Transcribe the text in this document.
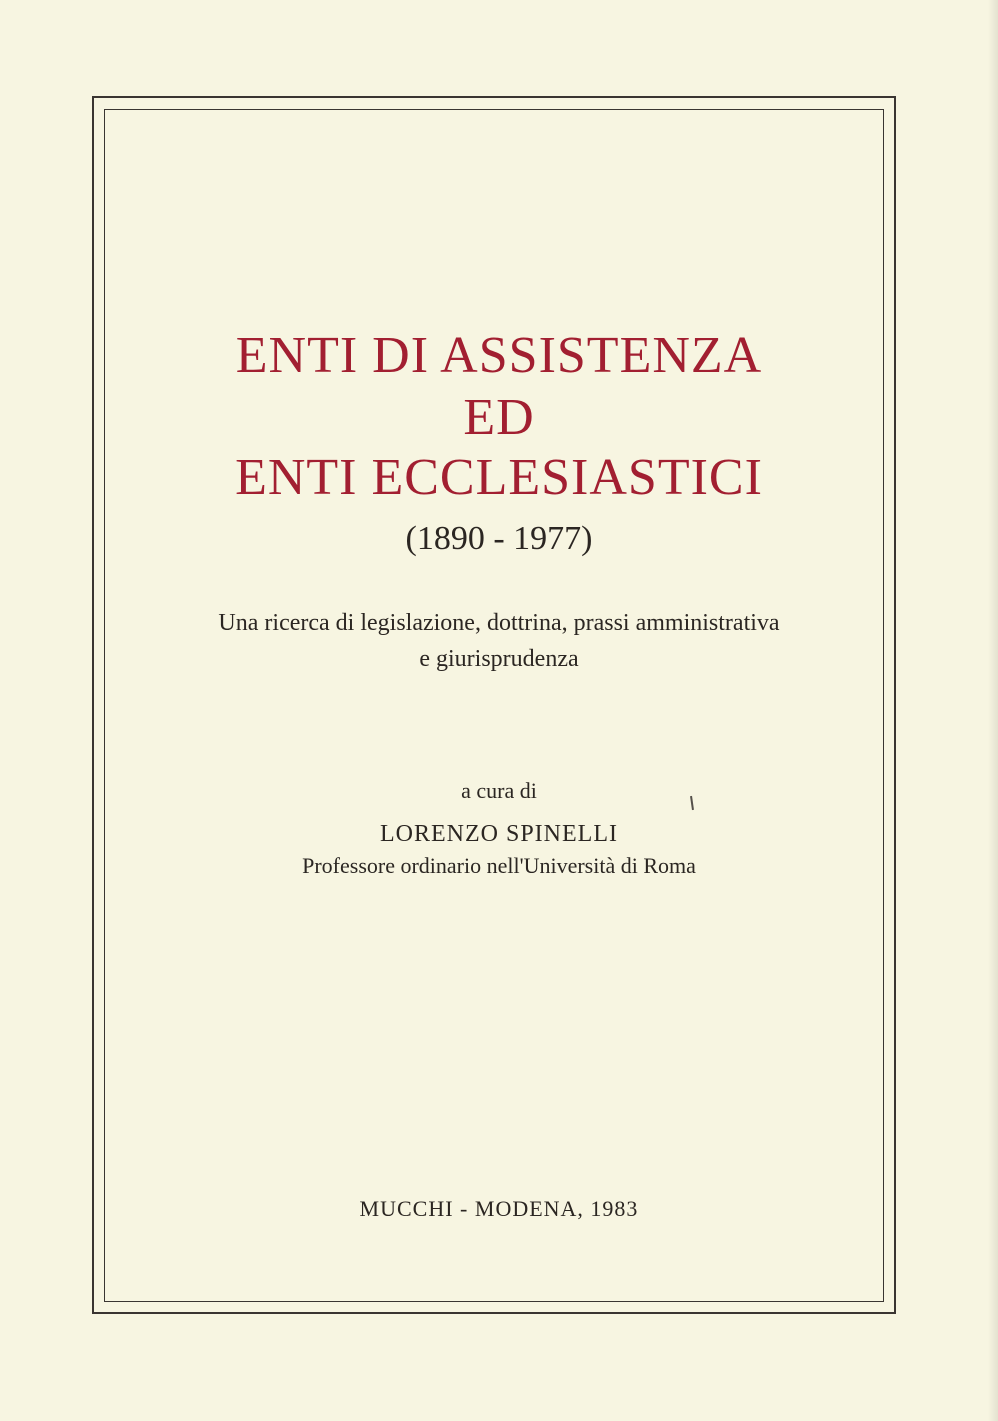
ENTI DI ASSISTENZA
ED
ENTI ECCLESIASTICI
(1890 - 1977)
Una ricerca di legislazione, dottrina, prassi amministrativa
e giurisprudenza
a cura di
LORENZO SPINELLI
Professore ordinario nell'Università di Roma
MUCCHI - MODENA, 1983
